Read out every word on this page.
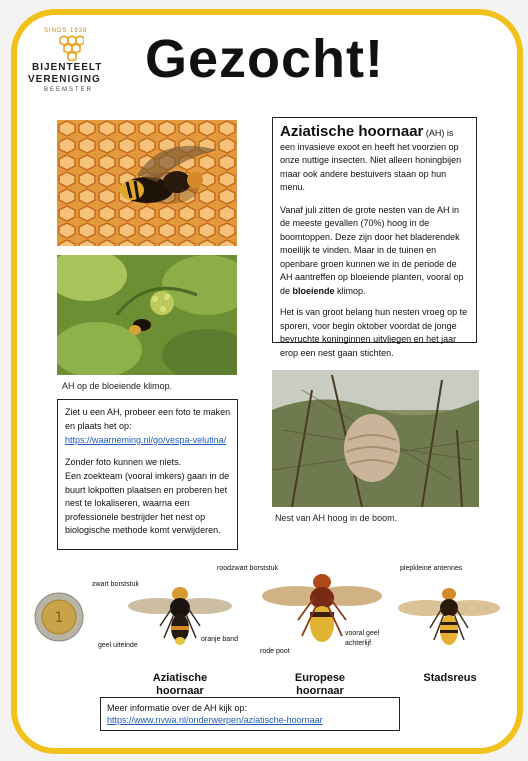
SINDS 1938
BIJENTEELT
VERENIGING
BEEMSTER
Gezocht!
AH op de bloeiende klimop.
Aziatische hoornaar (AH) is een invasieve exoot en heeft het voorzien op onze nuttige insecten. Niet alleen honingbijen maar ook andere bestuivers staan op hun menu.
Vanaf juli zitten de grote nesten van de AH in de meeste gevallen (70%) hoog in de boomtoppen. Deze zijn door het bladerendek moeilijk te vinden. Maar in de tuinen en openbare groen kunnen we in de periode de AH aantreffen op bloeiende planten, vooral op de bloeiende klimop.
Het is van groot belang hun nesten vroeg op te sporen, voor begin oktober voordat de jonge bevruchte koninginnen uitvliegen en het jaar erop een nest gaan stichten.
Nest van AH hoog in de boom.
Ziet u een AH, probeer een foto te maken en plaats het op:
https://waarneming.nl/go/vespa-velutina/
Zonder foto kunnen we niets.
Een zoekteam (vooral imkers) gaan in de buurt lokpotten plaatsen en proberen het nest te lokaliseren, waarna een professionele bestrijder het nest op biologische methode komt verwijderen.
1
zwart borststuk
geel uiteinde
oranje band
roodzwart borststuk
rode poot
vooral geel
achterlijf
piepkleine antennes
Aziatische
hoornaar
Europese
hoornaar
Stadsreus
Meer informatie over de AH kijk op:
https://www.nvwa.nl/onderwerpen/aziatische-hoornaar
